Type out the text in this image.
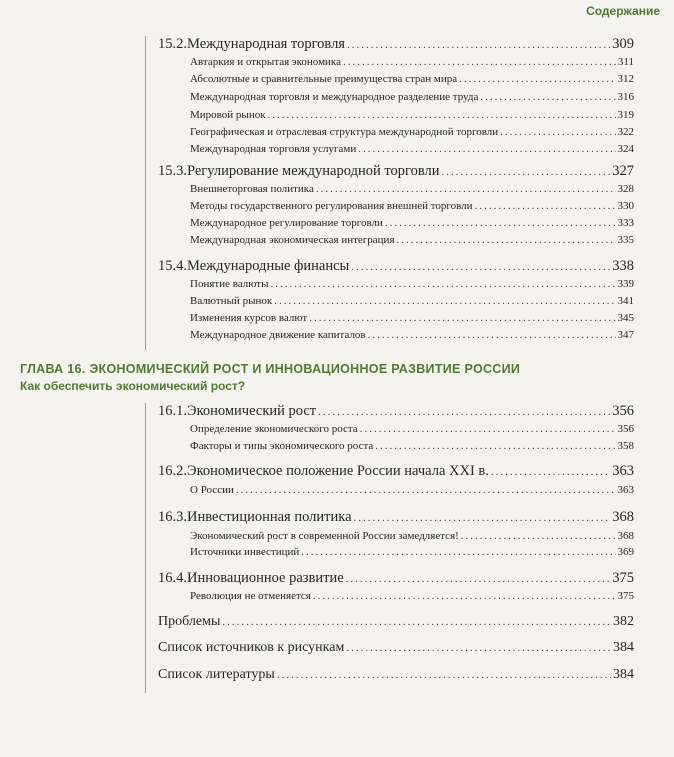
Содержание
15.2.Международная торговля .....	309
Автаркия и открытая экономика .....	311
Абсолютные и сравнительные преимущества стран мира .....	312
Международная торговля и международное разделение труда .....	316
Мировой рынок .....	319
Географическая и отраслевая структура международной торговли .....	322
Международная торговля услугами .....	324
15.3.Регулирование международной торговли .....	327
Внешнеторговая политика .....	328
Методы государственного регулирования внешней торговли .....	330
Международное регулирование торговли .....	333
Международная экономическая интеграция .....	335
15.4.Международные финансы .....	338
Понятие валюты .....	339
Валютный рынок .....	341
Изменения курсов валют .....	345
Международное движение капиталов .....	347
ГЛАВА 16. ЭКОНОМИЧЕСКИЙ РОСТ И ИННОВАЦИОННОЕ РАЗВИТИЕ РОССИИ
Как обеспечить экономический рост?
16.1.Экономический рост .....	356
Определение экономического роста .....	356
Факторы и типы экономического роста .....	358
16.2.Экономическое положение России начала XXI в. .....	363
О России .....	363
16.3.Инвестиционная политика .....	368
Экономический рост в современной России замедляется! .....	368
Источники инвестиций .....	369
16.4.Инновационное развитие .....	375
Революция не отменяется .....	375
Проблемы .....	382
Список источников к рисункам .....	384
Список литературы .....	384
